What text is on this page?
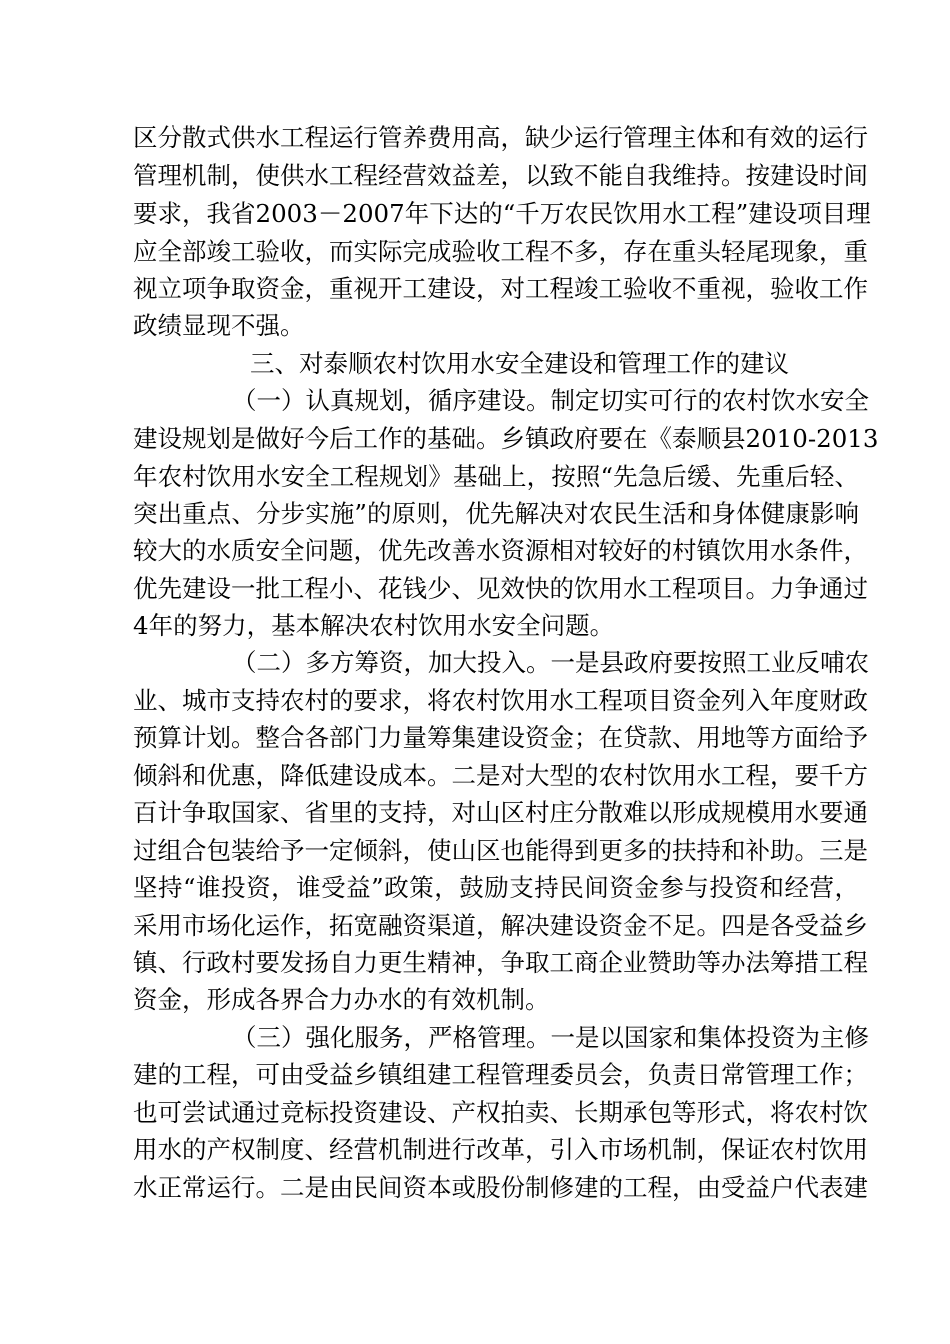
区分散式供水工程运行管养费用高，缺少运行管理主体和有效的运行
管理机制，使供水工程经营效益差，以致不能自我维持。按建设时间
要求，我省2003－2007年下达的“千万农民饮用水工程”建设项目理
应全部竣工验收，而实际完成验收工程不多，存在重头轻尾现象，重
视立项争取资金，重视开工建设，对工程竣工验收不重视，验收工作
政绩显现不强。
三、对泰顺农村饮用水安全建设和管理工作的建议
（一）认真规划，循序建设。制定切实可行的农村饮水安全
建设规划是做好今后工作的基础。乡镇政府要在《泰顺县2010-2013
年农村饮用水安全工程规划》基础上，按照“先急后缓、先重后轻、
突出重点、分步实施”的原则，优先解决对农民生活和身体健康影响
较大的水质安全问题，优先改善水资源相对较好的村镇饮用水条件，
优先建设一批工程小、花钱少、见效快的饮用水工程项目。力争通过
4年的努力，基本解决农村饮用水安全问题。
（二）多方筹资，加大投入。一是县政府要按照工业反哺农
业、城市支持农村的要求，将农村饮用水工程项目资金列入年度财政
预算计划。整合各部门力量筹集建设资金；在贷款、用地等方面给予
倾斜和优惠，降低建设成本。二是对大型的农村饮用水工程，要千方
百计争取国家、省里的支持，对山区村庄分散难以形成规模用水要通
过组合包装给予一定倾斜，使山区也能得到更多的扶持和补助。三是
坚持“谁投资，谁受益”政策，鼓励支持民间资金参与投资和经营，
采用市场化运作，拓宽融资渠道，解决建设资金不足。四是各受益乡
镇、行政村要发扬自力更生精神，争取工商企业赞助等办法筹措工程
资金，形成各界合力办水的有效机制。
（三）强化服务，严格管理。一是以国家和集体投资为主修
建的工程，可由受益乡镇组建工程管理委员会，负责日常管理工作；
也可尝试通过竞标投资建设、产权拍卖、长期承包等形式，将农村饮
用水的产权制度、经营机制进行改革，引入市场机制，保证农村饮用
水正常运行。二是由民间资本或股份制修建的工程，由受益户代表建
